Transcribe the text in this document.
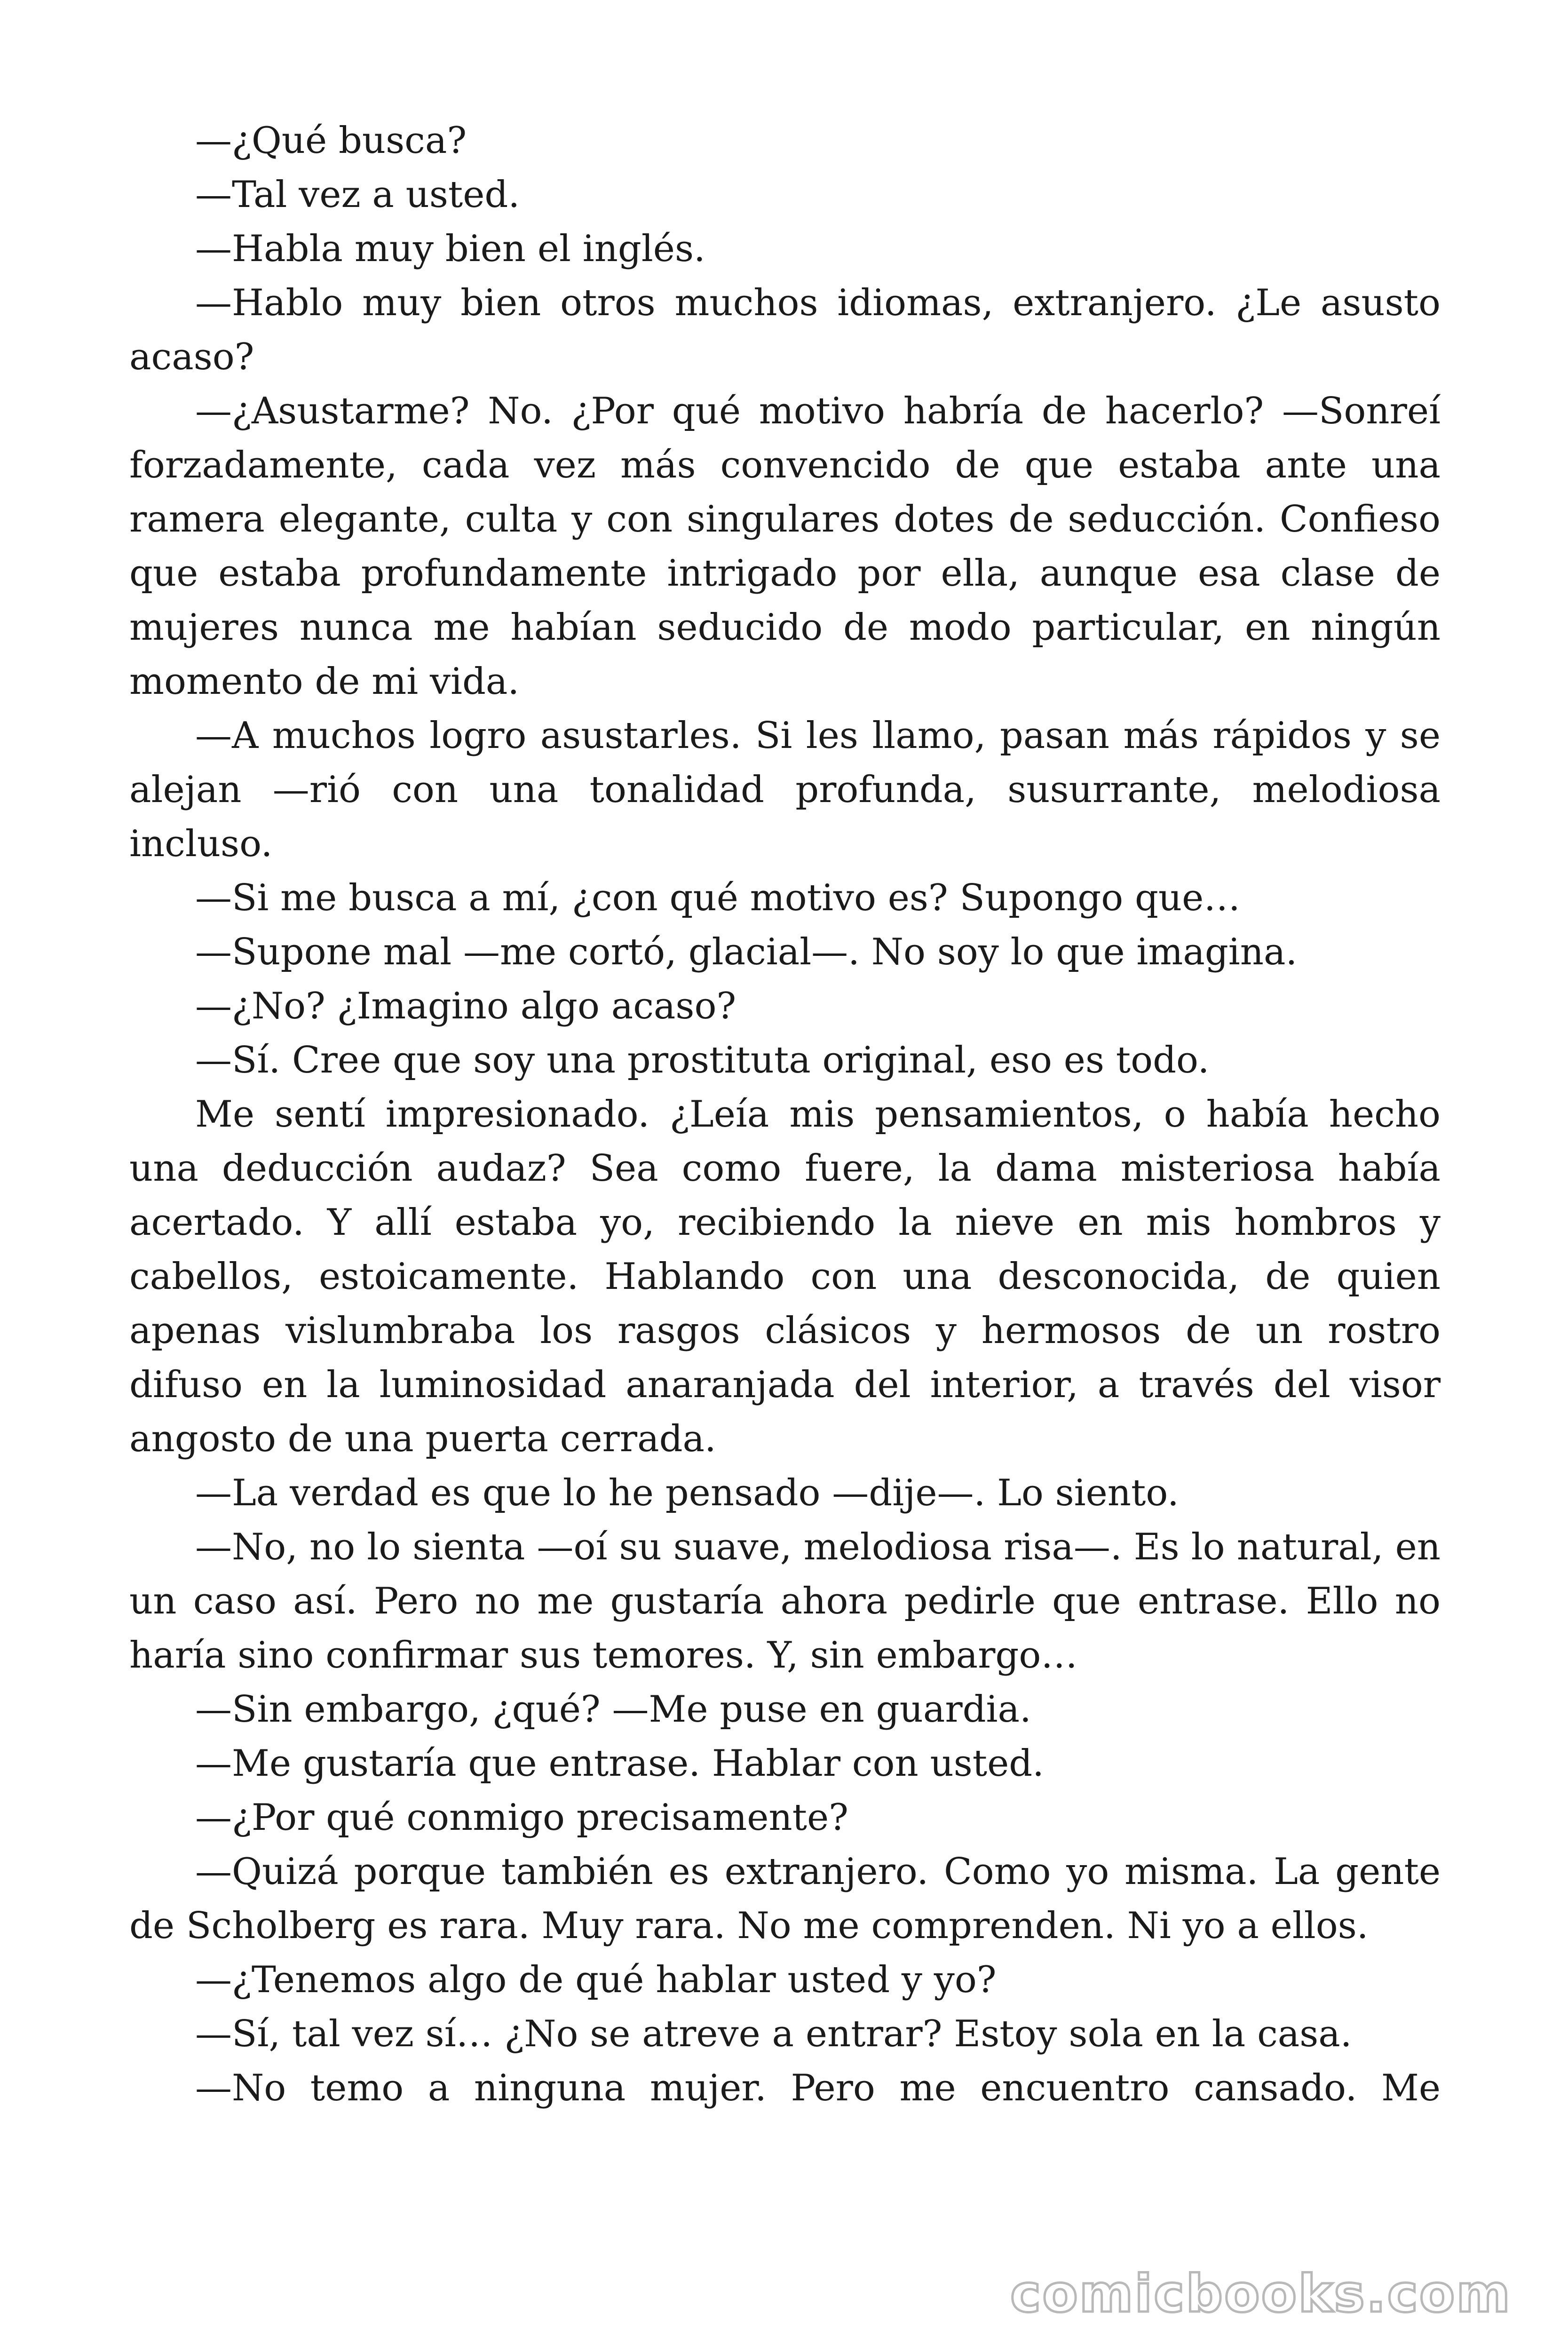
—¿Qué busca?

—Tal vez a usted.

—Habla muy bien el inglés.

—Hablo muy bien otros muchos idiomas, extranjero. ¿Le asusto acaso?

—¿Asustarme? No. ¿Por qué motivo habría de hacerlo? —Sonreí forzadamente, cada vez más convencido de que estaba ante una ramera elegante, culta y con singulares dotes de seducción. Confieso que estaba profundamente intrigado por ella, aunque esa clase de mujeres nunca me habían seducido de modo particular, en ningún momento de mi vida.

—A muchos logro asustarles. Si les llamo, pasan más rápidos y se alejan —rió con una tonalidad profunda, susurrante, melodiosa incluso.

—Si me busca a mí, ¿con qué motivo es? Supongo que…

—Supone mal —me cortó, glacial—. No soy lo que imagina.

—¿No? ¿Imagino algo acaso?

—Sí. Cree que soy una prostituta original, eso es todo.

Me sentí impresionado. ¿Leía mis pensamientos, o había hecho una deducción audaz? Sea como fuere, la dama misteriosa había acertado. Y allí estaba yo, recibiendo la nieve en mis hombros y cabellos, estoicamente. Hablando con una desconocida, de quien apenas vislumbraba los rasgos clásicos y hermosos de un rostro difuso en la luminosidad anaranjada del interior, a través del visor angosto de una puerta cerrada.

—La verdad es que lo he pensado —dije—. Lo siento.

—No, no lo sienta —oí su suave, melodiosa risa—. Es lo natural, en un caso así. Pero no me gustaría ahora pedirle que entrase. Ello no haría sino confirmar sus temores. Y, sin embargo…

—Sin embargo, ¿qué? —Me puse en guardia.

—Me gustaría que entrase. Hablar con usted.

—¿Por qué conmigo precisamente?

—Quizá porque también es extranjero. Como yo misma. La gente de Scholberg es rara. Muy rara. No me comprenden. Ni yo a ellos.

—¿Tenemos algo de qué hablar usted y yo?

—Sí, tal vez sí… ¿No se atreve a entrar? Estoy sola en la casa.

—No temo a ninguna mujer. Pero me encuentro cansado. Me

comicbooks.com
